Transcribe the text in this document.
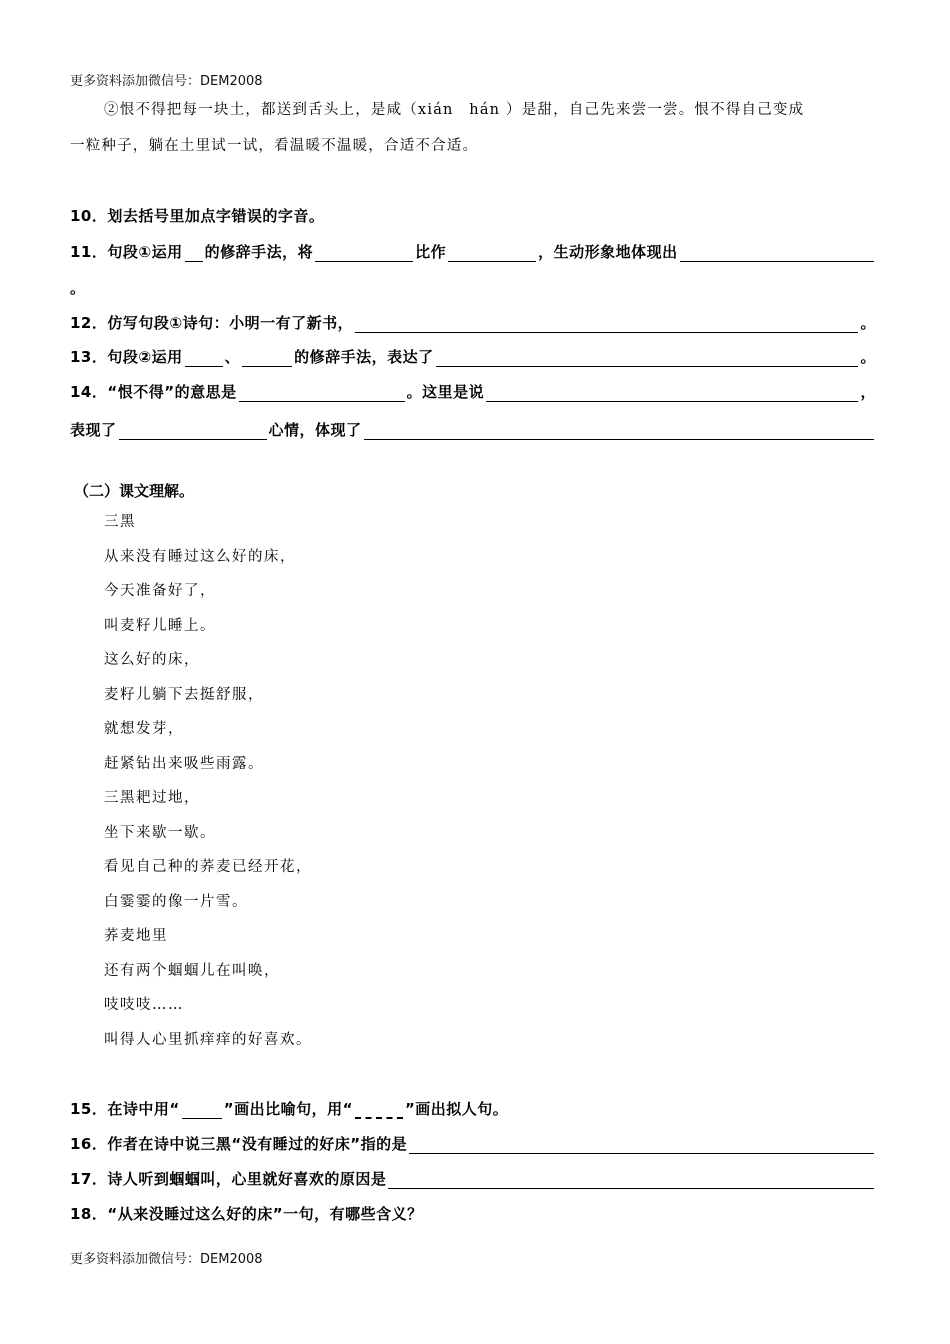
更多资料添加微信号：DEM2008
②恨不得把每一块土，都送到舌头上，是咸（xián　hán ）是甜，自己先来尝一尝。恨不得自己变成
一粒种子，躺在土里试一试，看温暖不温暖，合适不合适。
10．划去括号里加点字错误的字音。
11． 句段①运用 的修辞手法，将	比作	，生动形象地体现出
。
12． 仿写句段①诗句：小明一有了新书，	。
13． 句段②运用	、	的修辞手法，表达了	。
14． “恨不得”的意思是	。这里是说	，
表现了	心情，体现了
（二）课文理解。
三黑
从来没有睡过这么好的床，
今天准备好了，
叫麦籽儿睡上。
这么好的床，
麦籽儿躺下去挺舒服，
就想发芽，
赶紧钻出来吸些雨露。
三黑耙过地，
坐下来歇一歇。
看见自己种的荞麦已经开花，
白霎霎的像一片雪。
荞麦地里
还有两个蝈蝈儿在叫唤，
吱吱吱……
叫得人心里抓痒痒的好喜欢。
15． 在诗中用“	”画出比喻句，用“	”画出拟人句。
16． 作者在诗中说三黑“没有睡过的好床”指的是
17． 诗人听到蝈蝈叫，心里就好喜欢的原因是
18． “从来没睡过这么好的床”一句，有哪些含义？
更多资料添加微信号：DEM2008
